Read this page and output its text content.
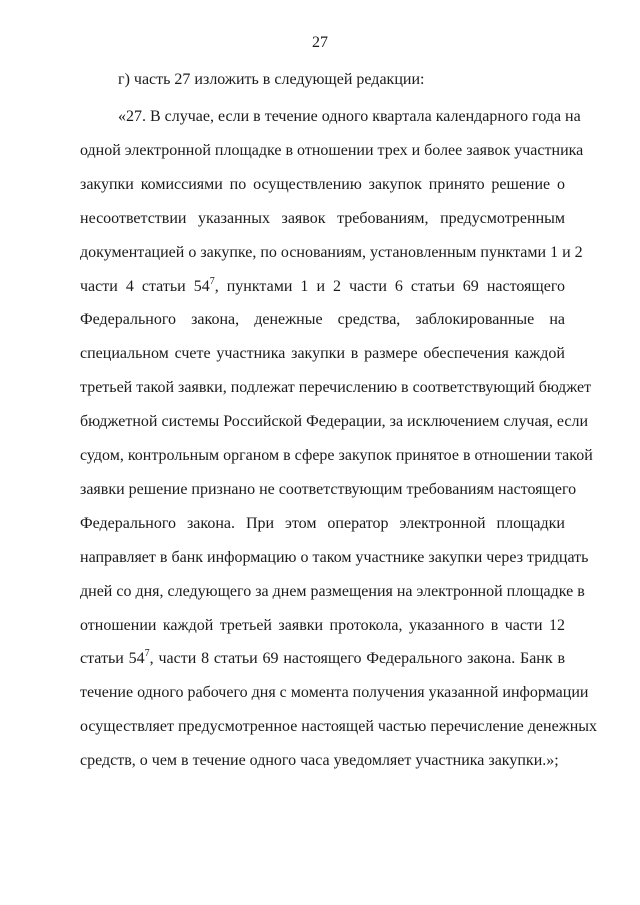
27
г) часть 27 изложить в следующей редакции:
«27. В случае, если в течение одного квартала календарного года на
одной электронной площадке в отношении трех и более заявок участника
закупки комиссиями по осуществлению закупок принято решение о
несоответствии указанных заявок требованиям, предусмотренным
документацией о закупке, по основаниям, установленным пунктами 1 и 2
части 4 статьи $54^7$, пунктами 1 и 2 части 6 статьи 69 настоящего
Федерального закона, денежные средства, заблокированные на
специальном счете участника закупки в размере обеспечения каждой
третьей такой заявки, подлежат перечислению в соответствующий бюджет
бюджетной системы Российской Федерации, за исключением случая, если
судом, контрольным органом в сфере закупок принятое в отношении такой
заявки решение признано не соответствующим требованиям настоящего
Федерального закона. При этом оператор электронной площадки
направляет в банк информацию о таком участнике закупки через тридцать
дней со дня, следующего за днем размещения на электронной площадке в
отношении каждой третьей заявки протокола, указанного в части 12
статьи $54^7$, части 8 статьи 69 настоящего Федерального закона. Банк в
течение одного рабочего дня с момента получения указанной информации
осуществляет предусмотренное настоящей частью перечисление денежных
средств, о чем в течение одного часа уведомляет участника закупки.»;
